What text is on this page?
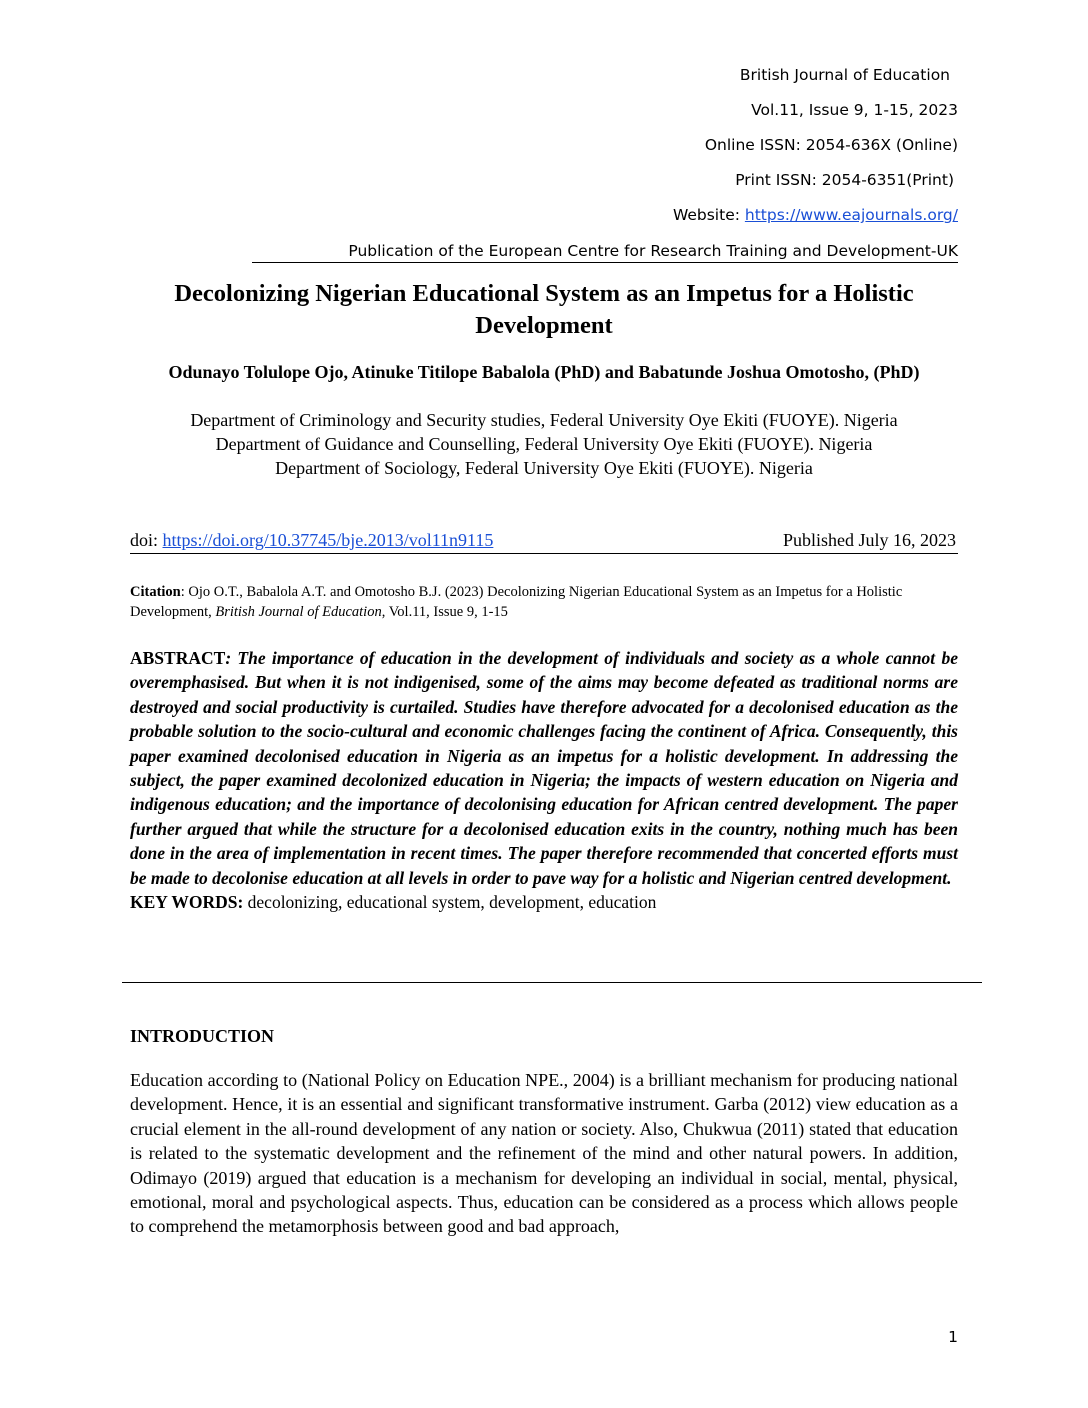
British Journal of Education
Vol.11, Issue 9, 1-15, 2023
Online ISSN: 2054-636X (Online)
Print ISSN: 2054-6351(Print)
Website: https://www.eajournals.org/
Publication of the European Centre for Research Training and Development-UK
Decolonizing Nigerian Educational System as an Impetus for a Holistic Development
Odunayo Tolulope Ojo, Atinuke Titilope Babalola (PhD) and Babatunde Joshua Omotosho, (PhD)
Department of Criminology and Security studies, Federal University Oye Ekiti (FUOYE). Nigeria
Department of Guidance and Counselling, Federal University Oye Ekiti (FUOYE). Nigeria
Department of Sociology, Federal University Oye Ekiti (FUOYE). Nigeria
doi: https://doi.org/10.37745/bje.2013/vol11n9115	Published July 16, 2023
Citation: Ojo O.T., Babalola A.T. and Omotosho B.J. (2023) Decolonizing Nigerian Educational System as an Impetus for a Holistic Development, British Journal of Education, Vol.11, Issue 9, 1-15
ABSTRACT: The importance of education in the development of individuals and society as a whole cannot be overemphasised. But when it is not indigenised, some of the aims may become defeated as traditional norms are destroyed and social productivity is curtailed. Studies have therefore advocated for a decolonised education as the probable solution to the socio-cultural and economic challenges facing the continent of Africa. Consequently, this paper examined decolonised education in Nigeria as an impetus for a holistic development. In addressing the subject, the paper examined decolonized education in Nigeria; the impacts of western education on Nigeria and indigenous education; and the importance of decolonising education for African centred development. The paper further argued that while the structure for a decolonised education exits in the country, nothing much has been done in the area of implementation in recent times. The paper therefore recommended that concerted efforts must be made to decolonise education at all levels in order to pave way for a holistic and Nigerian centred development.
KEY WORDS: decolonizing, educational system, development, education
INTRODUCTION
Education according to (National Policy on Education NPE., 2004) is a brilliant mechanism for producing national development. Hence, it is an essential and significant transformative instrument. Garba (2012) view education as a crucial element in the all-round development of any nation or society. Also, Chukwua (2011) stated that education is related to the systematic development and the refinement of the mind and other natural powers. In addition, Odimayo (2019) argued that education is a mechanism for developing an individual in social, mental, physical, emotional, moral and psychological aspects. Thus, education can be considered as a process which allows people to comprehend the metamorphosis between good and bad approach,
1
